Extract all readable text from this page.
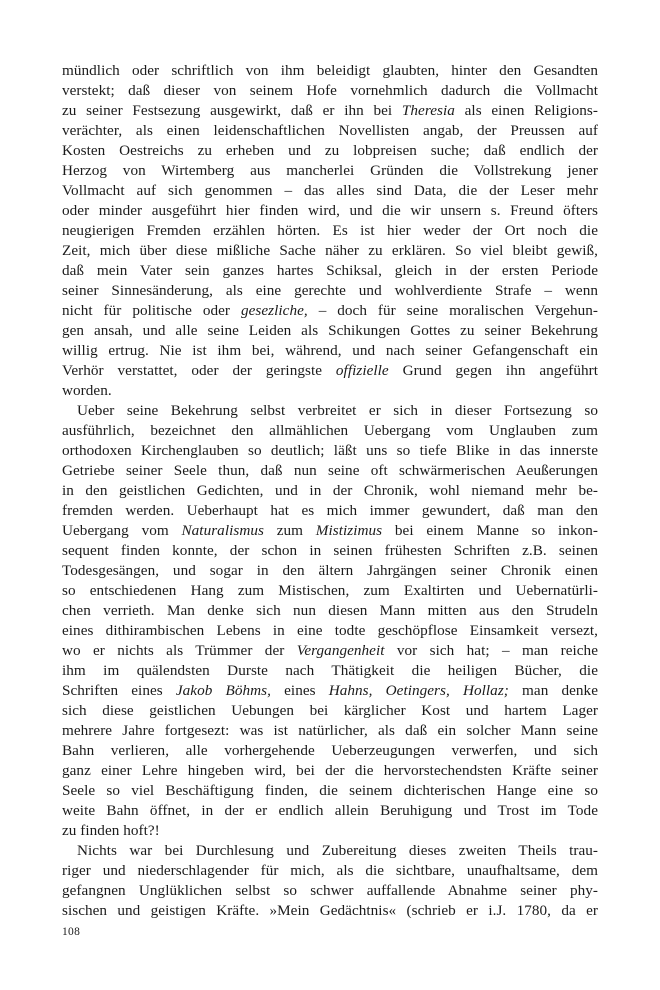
mündlich oder schriftlich von ihm beleidigt glaubten, hinter den Gesandten
verstekt; daß dieser von seinem Hofe vornehmlich dadurch die Vollmacht
zu seiner Festsezung ausgewirkt, daß er ihn bei Theresia als einen Religions-
verächter, als einen leidenschaftlichen Novellisten angab, der Preussen auf
Kosten Oestreichs zu erheben und zu lobpreisen suche; daß endlich der
Herzog von Wirtemberg aus mancherlei Gründen die Vollstrekung jener
Vollmacht auf sich genommen – das alles sind Data, die der Leser mehr
oder minder ausgeführt hier finden wird, und die wir unsern s. Freund öfters
neugierigen Fremden erzählen hörten. Es ist hier weder der Ort noch die
Zeit, mich über diese mißliche Sache näher zu erklären. So viel bleibt gewiß,
daß mein Vater sein ganzes hartes Schiksal, gleich in der ersten Periode
seiner Sinnesänderung, als eine gerechte und wohlverdiente Strafe – wenn
nicht für politische oder gesezliche, – doch für seine moralischen Vergehun-
gen ansah, und alle seine Leiden als Schikungen Gottes zu seiner Bekehrung
willig ertrug. Nie ist ihm bei, während, und nach seiner Gefangenschaft ein
Verhör verstattet, oder der geringste offizielle Grund gegen ihn angeführt
worden.
Ueber seine Bekehrung selbst verbreitet er sich in dieser Fortsezung so
ausführlich, bezeichnet den allmählichen Uebergang vom Unglauben zum
orthodoxen Kirchenglauben so deutlich; läßt uns so tiefe Blike in das innerste
Getriebe seiner Seele thun, daß nun seine oft schwärmerischen Aeußerungen
in den geistlichen Gedichten, und in der Chronik, wohl niemand mehr be-
fremden werden. Ueberhaupt hat es mich immer gewundert, daß man den
Uebergang vom Naturalismus zum Mistizimus bei einem Manne so inkon-
sequent finden konnte, der schon in seinen frühesten Schriften z.B. seinen
Todesgesängen, und sogar in den ältern Jahrgängen seiner Chronik einen
so entschiedenen Hang zum Mistischen, zum Exaltirten und Uebernatürli-
chen verrieth. Man denke sich nun diesen Mann mitten aus den Strudeln
eines dithirambischen Lebens in eine todte geschöpflose Einsamkeit versezt,
wo er nichts als Trümmer der Vergangenheit vor sich hat; – man reiche
ihm im quälendsten Durste nach Thätigkeit die heiligen Bücher, die
Schriften eines Jakob Böhms, eines Hahns, Oetingers, Hollaz; man denke
sich diese geistlichen Uebungen bei kärglicher Kost und hartem Lager
mehrere Jahre fortgesezt: was ist natürlicher, als daß ein solcher Mann seine
Bahn verlieren, alle vorhergehende Ueberzeugungen verwerfen, und sich
ganz einer Lehre hingeben wird, bei der die hervorstechendsten Kräfte seiner
Seele so viel Beschäftigung finden, die seinem dichterischen Hange eine so
weite Bahn öffnet, in der er endlich allein Beruhigung und Trost im Tode
zu finden hoft?!
Nichts war bei Durchlesung und Zubereitung dieses zweiten Theils trau-
riger und niederschlagender für mich, als die sichtbare, unaufhaltsame, dem
gefangnen Unglüklichen selbst so schwer auffallende Abnahme seiner phy-
sischen und geistigen Kräfte. »Mein Gedächtnis« (schrieb er i.J. 1780, da er
108
